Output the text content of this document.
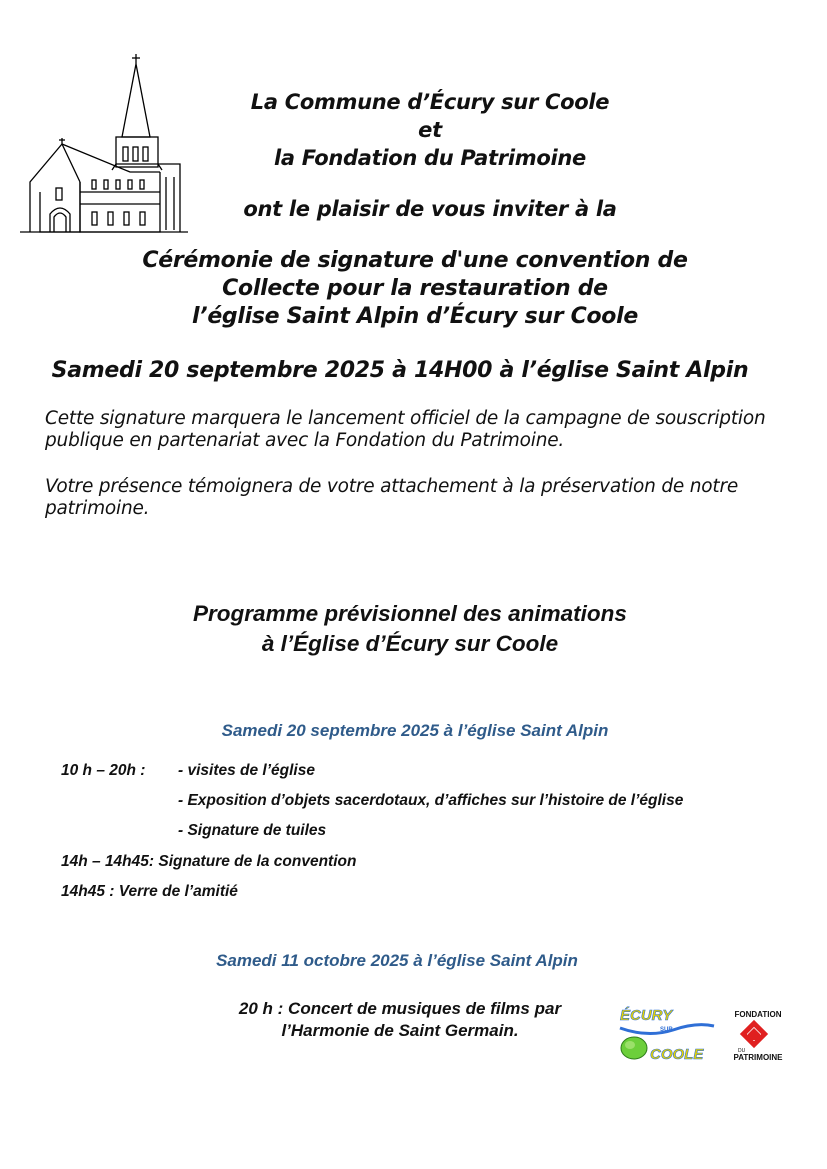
La Commune d’Écury sur Coole
et
la Fondation du Patrimoine
ont le plaisir de vous inviter à la
Cérémonie de signature d'une convention de
Collecte pour la restauration de
l’église Saint Alpin d’Écury sur Coole
Samedi 20 septembre 2025 à 14H00 à l’église Saint Alpin
Cette signature marquera le lancement officiel de la campagne de souscription
publique en partenariat avec la Fondation du Patrimoine.
Votre présence témoignera de votre attachement à la préservation de notre
patrimoine.
Programme prévisionnel des animations
à l’Église d’Écury sur Coole
Samedi 20 septembre 2025 à l’église Saint Alpin
10 h – 20h : - visites de l’église
- Exposition d’objets sacerdotaux, d’affiches sur l’histoire de l’église
- Signature de tuiles
14h – 14h45: Signature de la convention
14h45 : Verre de l’amitié
Samedi 11 octobre 2025 à l’église Saint Alpin
20 h : Concert de musiques de films par
l’Harmonie de Saint Germain.
ÉCURY
SUR
COOLE
FONDATION
DU
PATRIMOINE
